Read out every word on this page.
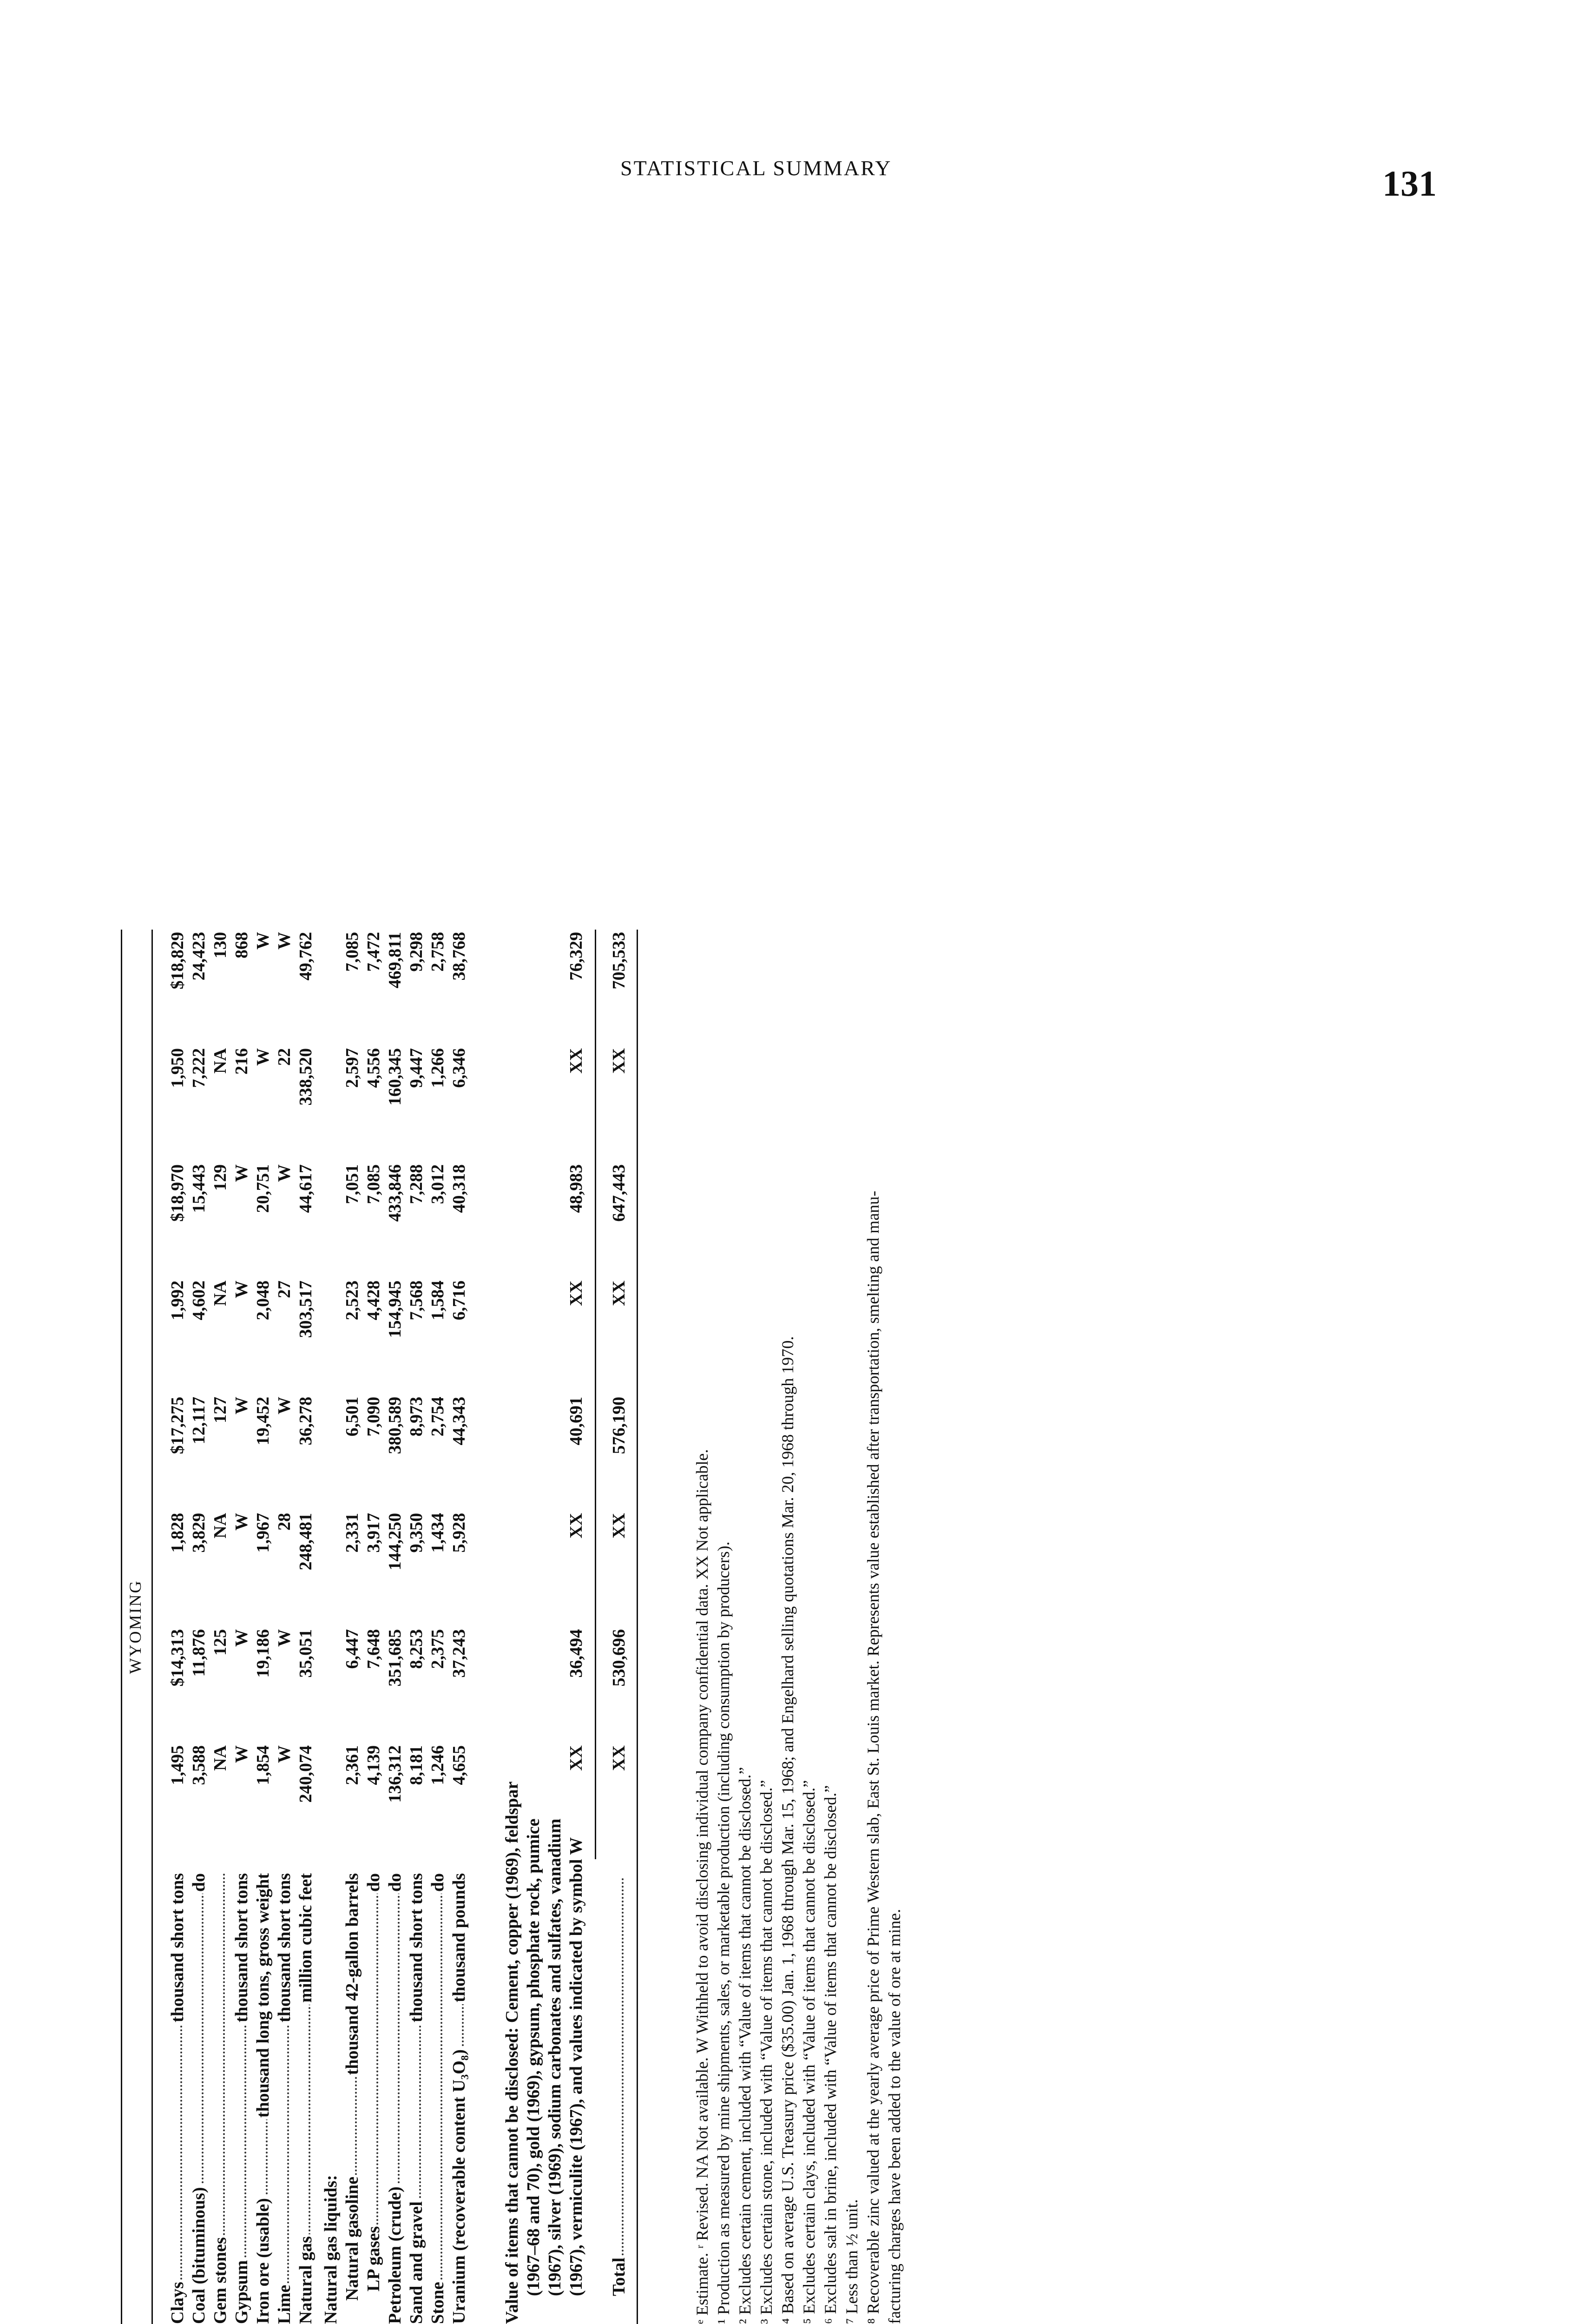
STATISTICAL SUMMARY	131
WYOMING
Clays
thousand short tons
1,495
$14,313
1,828
$17,275
1,992
$18,970
1,950
$18,829
Coal (bituminous)
do
3,588
11,876
3,829
12,117
4,602
15,443
7,222
24,423
Gem stones
NA
125
NA
127
NA
129
NA
130
Gypsum
thousand short tons
W
W
W
W
W
W
216
868
Iron ore (usable)
thousand long tons, gross weight
1,854
19,186
1,967
19,452
2,048
20,751
W
W
Lime
thousand short tons
W
W
28
W
27
W
22
W
Natural gas
million cubic feet
240,074
35,051
248,481
36,278
303,517
44,617
338,520
49,762
Natural gas liquids: Natural gasoline
thousand 42-gallon barrels
2,361
6,447
2,331
6,501
2,523
7,051
2,597
7,085
LP gases
do
4,139
7,648
3,917
7,090
4,428
7,085
4,556
7,472
Petroleum (crude)
do
136,312
351,685
144,250
380,589
154,945
433,846
160,345
469,811
Sand and gravel
thousand short tons
8,181
8,253
9,350
8,973
7,568
7,288
9,447
9,298
Stone
do
1,246
2,375
1,434
2,754
1,584
3,012
1,266
2,758
Uranium (recoverable content U₃O₈)
thousand pounds
4,655
37,243
5,928
44,343
6,716
40,318
6,346
38,768
Value of items that cannot be disclosed: Cement, copper (1969), feldspar (1967–68 and 70), gold (1969), gypsum, phosphate rock, pumice (1967), silver (1969), sodium carbonates and sulfates, vanadium (1967), vermiculite (1967), and values indicated by symbol W
XX
36,494
XX
40,691
XX
48,983
XX
76,329
Total
XX
530,696
XX
576,190
XX
647,443
XX
705,533
ᵉ Estimate. ʳ Revised. NA Not available. W Withheld to avoid disclosing individual company confidential data. XX Not applicable. ¹ Production as measured by mine shipments, sales, or marketable production (including consumption by producers). ² Excludes certain cement, included with “Value of items that cannot be disclosed.” ³ Excludes certain stone, included with “Value of items that cannot be disclosed.” ⁴ Based on average U.S. Treasury price ($35.00) Jan. 1, 1968 through Mar. 15, 1968; and Engelhard selling quotations Mar. 20, 1968 through 1970. ⁵ Excludes certain clays, included with “Value of items that cannot be disclosed.” ⁶ Excludes salt in brine, included with “Value of items that cannot be disclosed.” ⁷ Less than ½ unit. ⁸ Recoverable zinc valued at the yearly average price of Prime Western slab, East St. Louis market. Represents value established after transportation, smelting and manu- facturing charges have been added to the value of ore at mine.
